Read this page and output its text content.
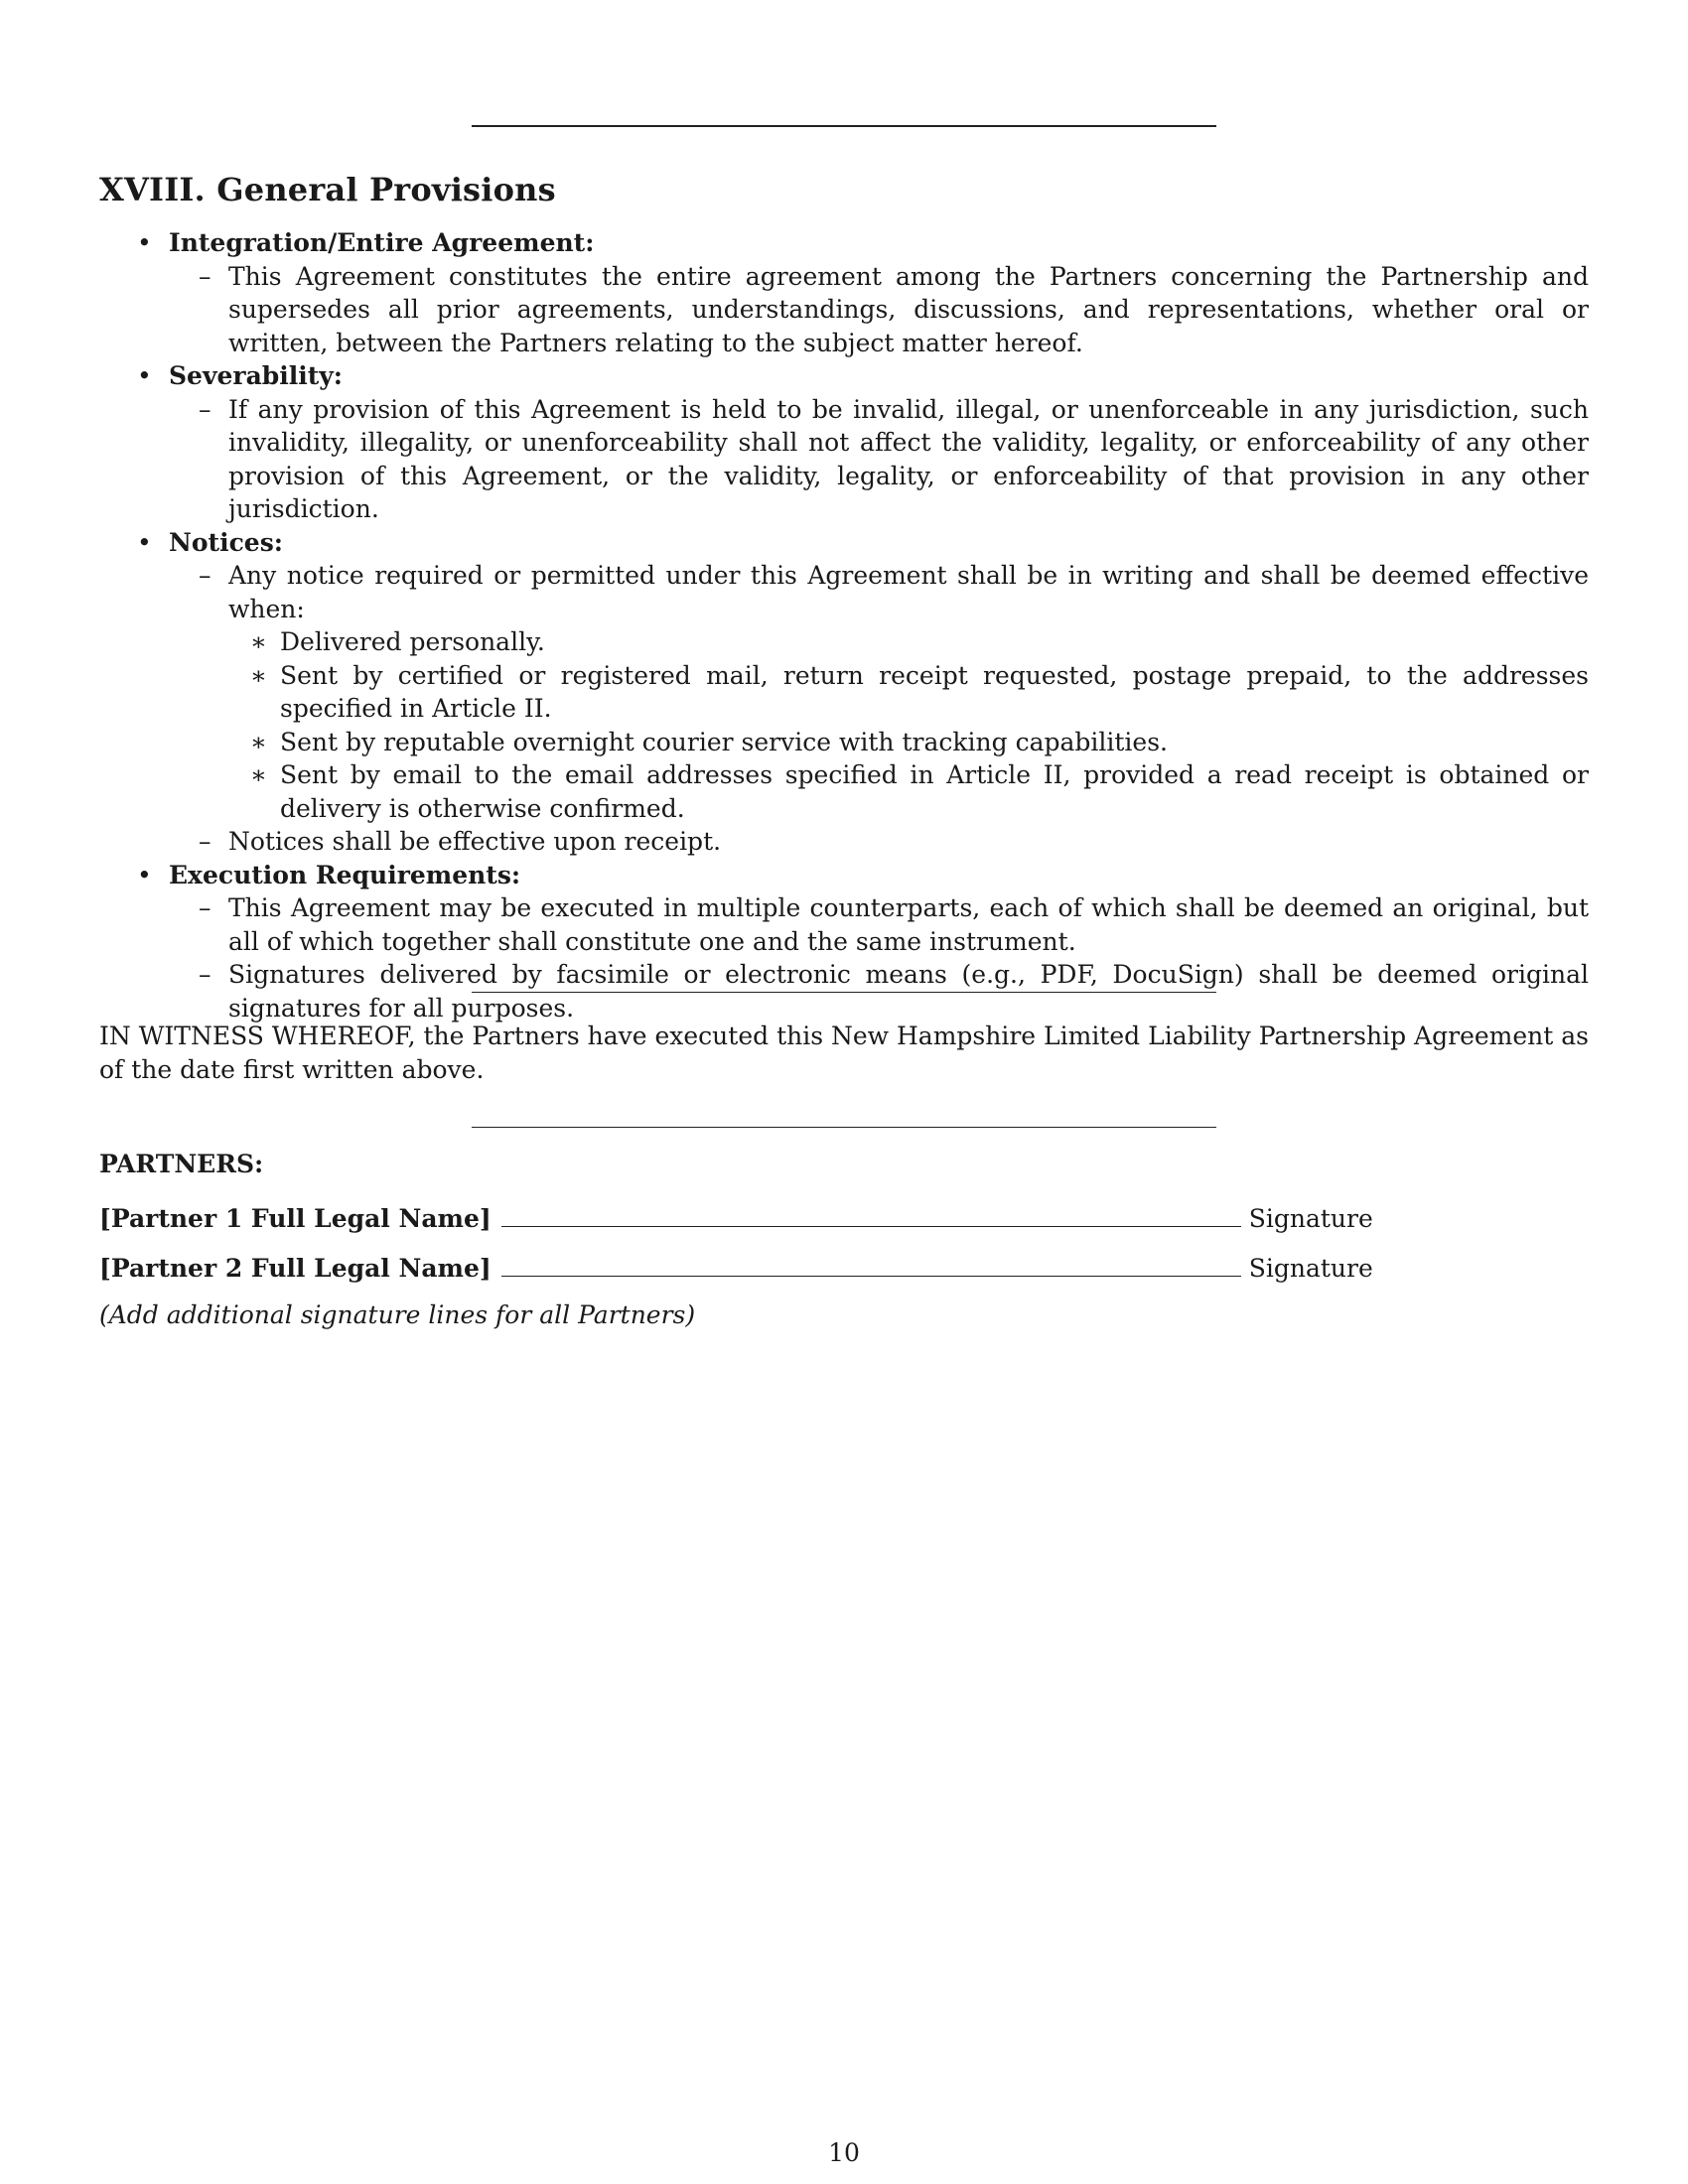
XVIII. General Provisions
• Integration/Entire Agreement:
– This Agreement constitutes the entire agreement among the Partners concerning the Partnership and supersedes all prior agreements, understandings, discussions, and representations, whether oral or written, between the Partners relating to the subject matter hereof.
• Severability:
– If any provision of this Agreement is held to be invalid, illegal, or unenforceable in any jurisdiction, such invalidity, illegality, or unenforceability shall not affect the validity, legality, or enforceability of any other provision of this Agreement, or the validity, legality, or enforceability of that provision in any other jurisdiction.
• Notices:
– Any notice required or permitted under this Agreement shall be in writing and shall be deemed effective when:
∗ Delivered personally.
∗ Sent by certified or registered mail, return receipt requested, postage prepaid, to the addresses specified in Article II.
∗ Sent by reputable overnight courier service with tracking capabilities.
∗ Sent by email to the email addresses specified in Article II, provided a read receipt is obtained or delivery is otherwise confirmed.
– Notices shall be effective upon receipt.
• Execution Requirements:
– This Agreement may be executed in multiple counterparts, each of which shall be deemed an original, but all of which together shall constitute one and the same instrument.
– Signatures delivered by facsimile or electronic means (e.g., PDF, DocuSign) shall be deemed original signatures for all purposes.

IN WITNESS WHEREOF, the Partners have executed this New Hampshire Limited Liability Partnership Agreement as of the date first written above.

PARTNERS:

[Partner 1 Full Legal Name]	Signature
[Partner 2 Full Legal Name]	Signature

(Add additional signature lines for all Partners)

10
